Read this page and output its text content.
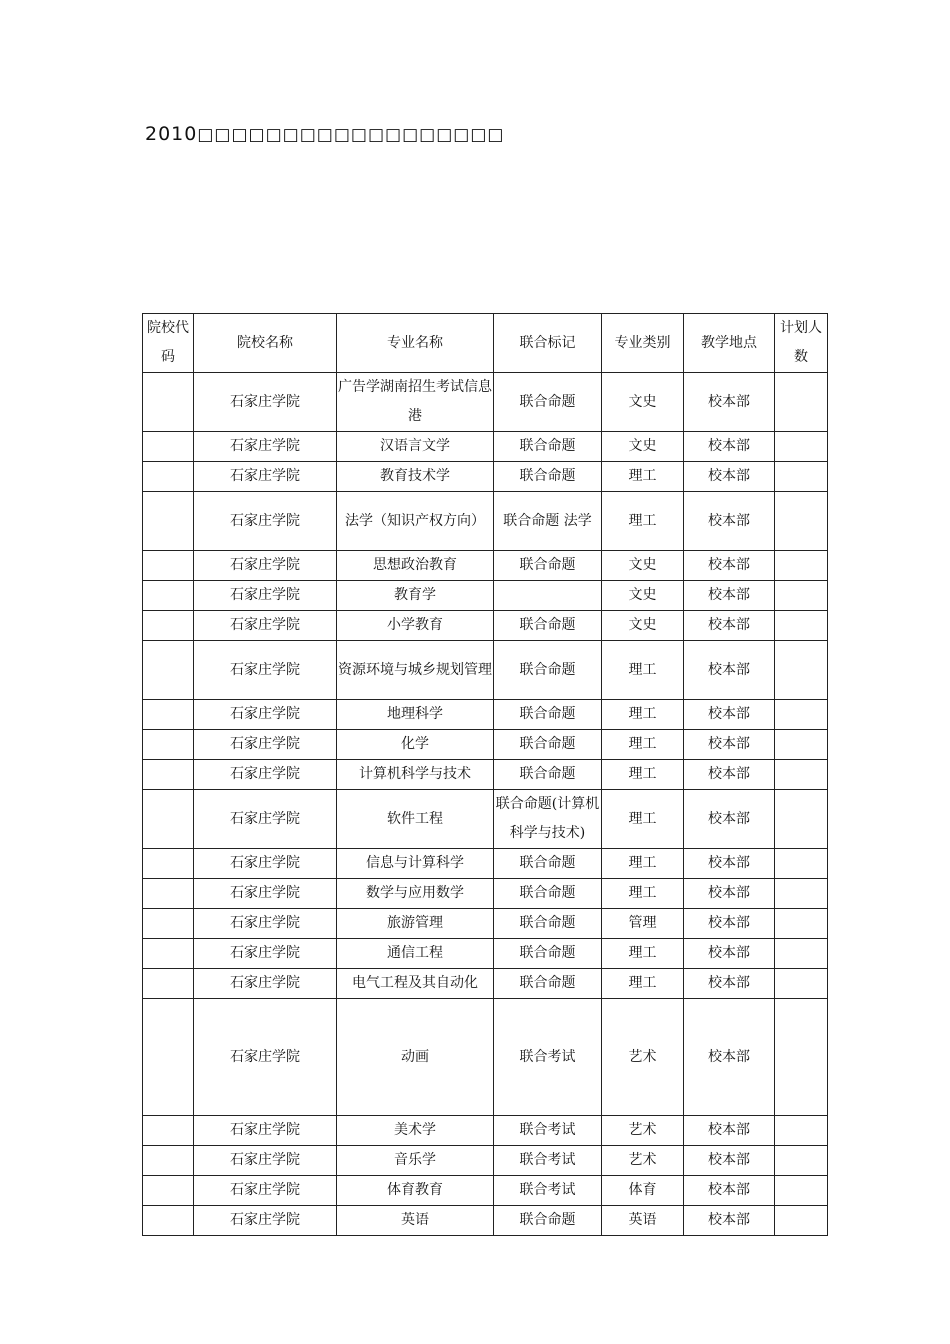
2010□□□□□□□□□□□□□□□□□□
院校代码	院校名称	专业名称	联合标记	专业类别	教学地点	计划人数

	石家庄学院	广告学湖南招生考试信息港	联合命题	文史	校本部	

	石家庄学院	汉语言文学	联合命题	文史	校本部	

	石家庄学院	教育技术学	联合命题	理工	校本部	

	石家庄学院	法学（知识产权方向）	联合命题 法学	理工	校本部	

	石家庄学院	思想政治教育	联合命题	文史	校本部	

	石家庄学院	教育学		文史	校本部	

	石家庄学院	小学教育	联合命题	文史	校本部	

	石家庄学院	资源环境与城乡规划管理	联合命题	理工	校本部	

	石家庄学院	地理科学	联合命题	理工	校本部	

	石家庄学院	化学	联合命题	理工	校本部	

	石家庄学院	计算机科学与技术	联合命题	理工	校本部	

	石家庄学院	软件工程	联合命题(计算机科学与技术)	理工	校本部	

	石家庄学院	信息与计算科学	联合命题	理工	校本部	

	石家庄学院	数学与应用数学	联合命题	理工	校本部	

	石家庄学院	旅游管理	联合命题	管理	校本部	

	石家庄学院	通信工程	联合命题	理工	校本部	

	石家庄学院	电气工程及其自动化	联合命题	理工	校本部	

	石家庄学院	动画	联合考试	艺术	校本部	

	石家庄学院	美术学	联合考试	艺术	校本部	

	石家庄学院	音乐学	联合考试	艺术	校本部	

	石家庄学院	体育教育	联合考试	体育	校本部	

	石家庄学院	英语	联合命题	英语	校本部	
